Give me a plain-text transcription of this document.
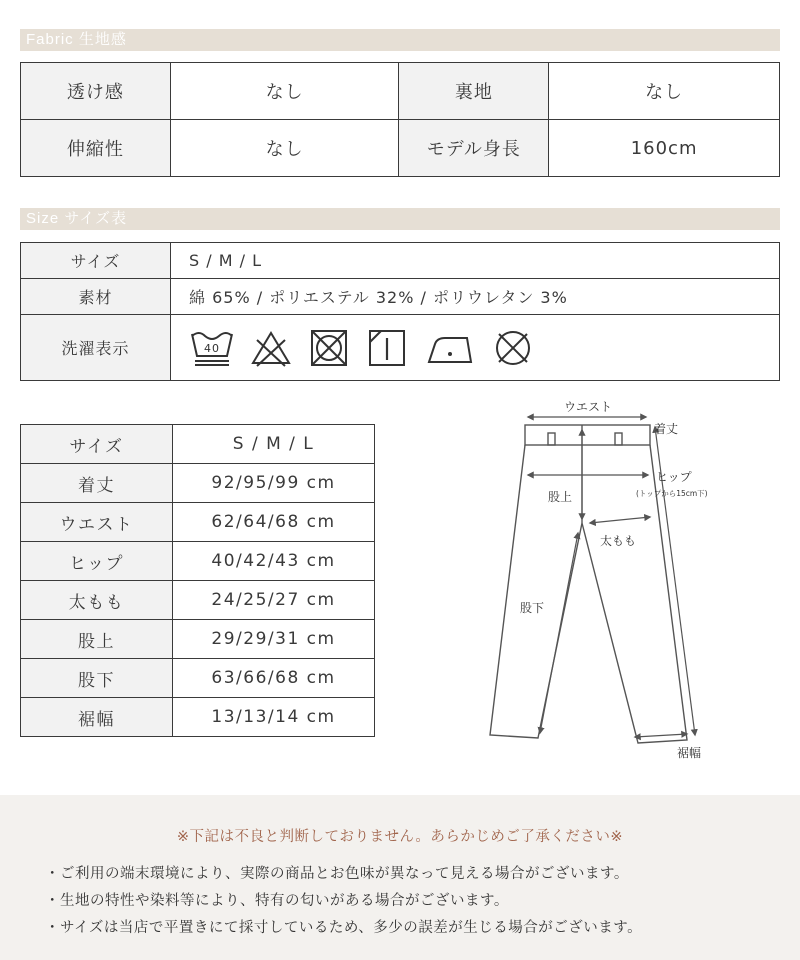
Fabric 生地感
透け感	なし	裏地	なし
伸縮性	なし	モデル身長	160cm
Size サイズ表
サイズ	S / M / L
素材	綿 65% / ポリエステル 32% / ポリウレタン 3%
洗濯表示	40
サイズ	S / M / L
着丈	92/95/99 cm
ウエスト	62/64/68 cm
ヒップ	40/42/43 cm
太もも	24/25/27 cm
股上	29/29/31 cm
股下	63/66/68 cm
裾幅	13/13/14 cm
ウエスト
着丈
ヒップ
(トップから15cm下)
股上
太もも
股下
裾幅
※下記は不良と判断しておりません。あらかじめご了承ください※
・ご利用の端末環境により、実際の商品とお色味が異なって見える場合がございます。
・生地の特性や染料等により、特有の匂いがある場合がございます。
・サイズは当店で平置きにて採寸しているため、多少の誤差が生じる場合がございます。
